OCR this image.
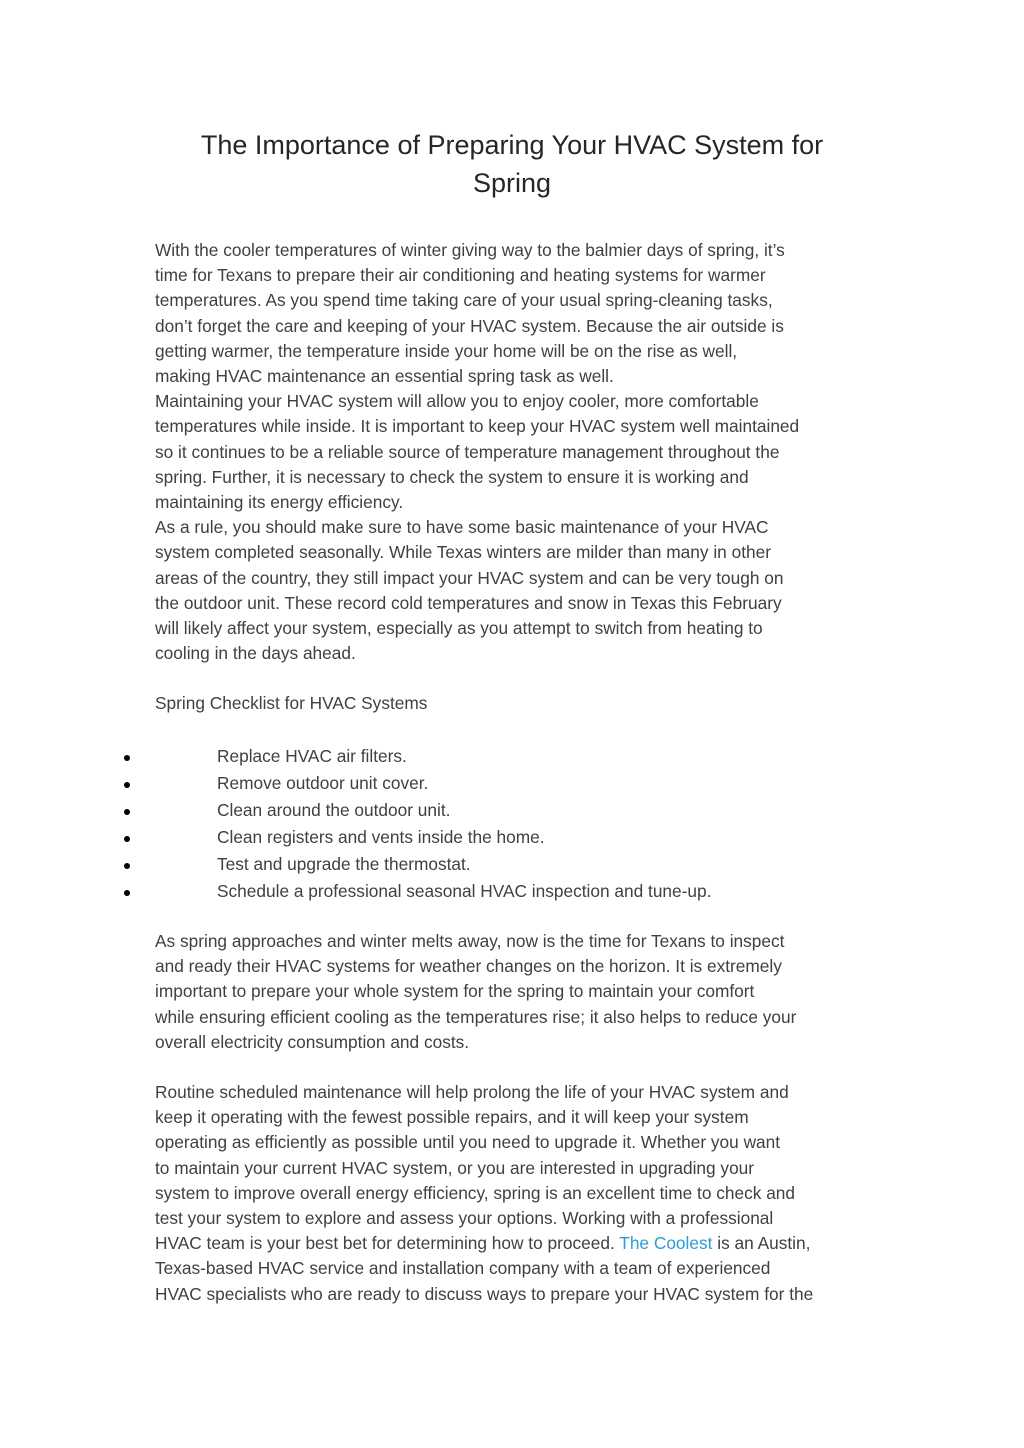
The Importance of Preparing Your HVAC System for
Spring
With the cooler temperatures of winter giving way to the balmier days of spring, it’s
time for Texans to prepare their air conditioning and heating systems for warmer
temperatures. As you spend time taking care of your usual spring-cleaning tasks,
don’t forget the care and keeping of your HVAC system. Because the air outside is
getting warmer, the temperature inside your home will be on the rise as well,
making HVAC maintenance an essential spring task as well.
Maintaining your HVAC system will allow you to enjoy cooler, more comfortable
temperatures while inside. It is important to keep your HVAC system well maintained
so it continues to be a reliable source of temperature management throughout the
spring. Further, it is necessary to check the system to ensure it is working and
maintaining its energy efficiency.
As a rule, you should make sure to have some basic maintenance of your HVAC
system completed seasonally. While Texas winters are milder than many in other
areas of the country, they still impact your HVAC system and can be very tough on
the outdoor unit. These record cold temperatures and snow in Texas this February
will likely affect your system, especially as you attempt to switch from heating to
cooling in the days ahead.
Spring Checklist for HVAC Systems
Replace HVAC air filters.
Remove outdoor unit cover.
Clean around the outdoor unit.
Clean registers and vents inside the home.
Test and upgrade the thermostat.
Schedule a professional seasonal HVAC inspection and tune-up.
As spring approaches and winter melts away, now is the time for Texans to inspect
and ready their HVAC systems for weather changes on the horizon. It is extremely
important to prepare your whole system for the spring to maintain your comfort
while ensuring efficient cooling as the temperatures rise; it also helps to reduce your
overall electricity consumption and costs.
Routine scheduled maintenance will help prolong the life of your HVAC system and
keep it operating with the fewest possible repairs, and it will keep your system
operating as efficiently as possible until you need to upgrade it. Whether you want
to maintain your current HVAC system, or you are interested in upgrading your
system to improve overall energy efficiency, spring is an excellent time to check and
test your system to explore and assess your options. Working with a professional
HVAC team is your best bet for determining how to proceed. The Coolest is an Austin,
Texas-based HVAC service and installation company with a team of experienced
HVAC specialists who are ready to discuss ways to prepare your HVAC system for the
